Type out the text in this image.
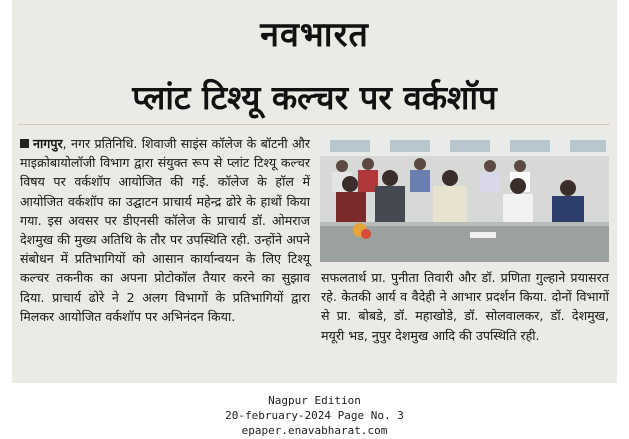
नवभारत
प्लांट टिश्यू कल्चर पर वर्कशॉप
नागपुर, नगर प्रतिनिधि. शिवाजी साइंस कॉलेज के बॉटनी और माइक्रोबायोलॉजी विभाग द्वारा संयुक्त रूप से प्लांट टिश्यू कल्चर विषय पर वर्कशॉप आयोजित की गई. कॉलेज के हॉल में आयोजित वर्कशॉप का उद्घाटन प्राचार्य महेन्द्र ढोरे के हाथों किया गया. इस अवसर पर डीएनसी कॉलेज के प्राचार्य डॉ. ओमराज देशमुख की मुख्य अतिथि के तौर पर उपस्थिति रही. उन्होंने अपने संबोधन में प्रतिभागियों को आसान कार्यान्वयन के लिए टिश्यू कल्चर तकनीक का अपना प्रोटोकॉल तैयार करने का सुझाव दिया. प्राचार्य ढोरे ने 2 अलग विभागों के प्रतिभागियों द्वारा मिलकर आयोजित वर्कशॉप पर अभिनंदन किया.
सफलतार्थ प्रा. पुनीता तिवारी और डॉ. प्रणिता गुल्हाने प्रयासरत रहे. केतकी आर्य व वैदेही ने आभार प्रदर्शन किया. दोनों विभागों से प्रा. बोबडे, डॉ. महाखोडे, डॉ. सोलवालकर, डॉ. देशमुख, मयूरी भड, नुपुर देशमुख आदि की उपस्थिति रही.
Nagpur Edition
20-february-2024 Page No. 3
epaper.enavabharat.com
